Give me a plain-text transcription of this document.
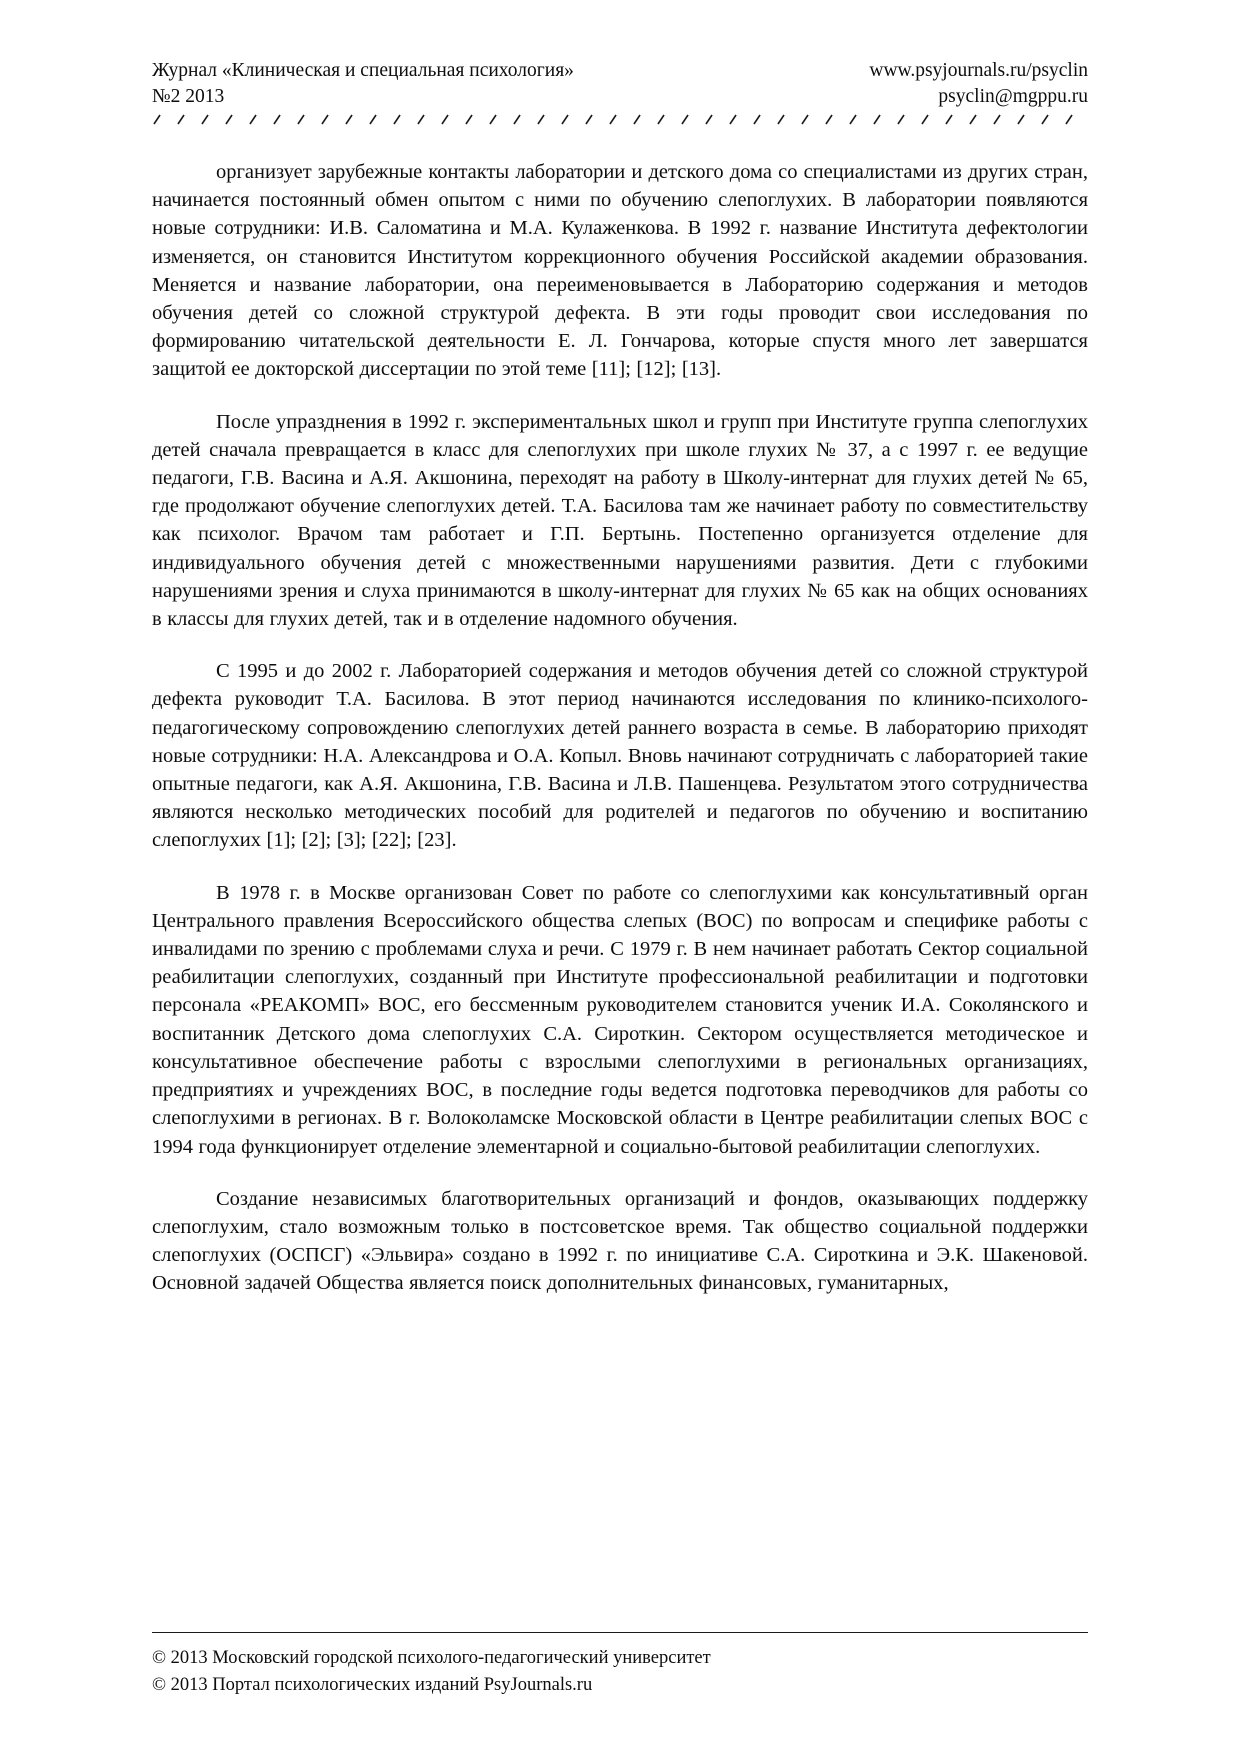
Журнал «Клиническая и специальная психология»
№2 2013
www.psyjournals.ru/psyclin
psyclin@mgppu.ru

организует зарубежные контакты лаборатории и детского дома со специалистами из других стран, начинается постоянный обмен опытом с ними по обучению слепоглухих. В лаборатории появляются новые сотрудники: И.В. Саломатина и М.А. Кулаженкова. В 1992 г. название Института дефектологии изменяется, он становится Институтом коррекционного обучения Российской академии образования. Меняется и название лаборатории, она переименовывается в Лабораторию содержания и методов обучения детей со сложной структурой дефекта. В эти годы проводит свои исследования по формированию читательской деятельности Е. Л. Гончарова, которые спустя много лет завершатся защитой ее докторской диссертации по этой теме [11]; [12]; [13].

После упразднения в 1992 г. экспериментальных школ и групп при Институте группа слепоглухих детей сначала превращается в класс для слепоглухих при школе глухих № 37, а с 1997 г. ее ведущие педагоги, Г.В. Васина и А.Я. Акшонина, переходят на работу в Школу-интернат для глухих детей № 65, где продолжают обучение слепоглухих детей. Т.А. Басилова там же начинает работу по совместительству как психолог. Врачом там работает и Г.П. Бертынь. Постепенно организуется отделение для индивидуального обучения детей с множественными нарушениями развития. Дети с глубокими нарушениями зрения и слуха принимаются в школу-интернат для глухих № 65 как на общих основаниях в классы для глухих детей, так и в отделение надомного обучения.

С 1995 и до 2002 г. Лабораторией содержания и методов обучения детей со сложной структурой дефекта руководит Т.А. Басилова. В этот период начинаются исследования по клинико-психолого-педагогическому сопровождению слепоглухих детей раннего возраста в семье. В лабораторию приходят новые сотрудники: Н.А. Александрова и О.А. Копыл. Вновь начинают сотрудничать с лабораторией такие опытные педагоги, как А.Я. Акшонина, Г.В. Васина и Л.В. Пашенцева. Результатом этого сотрудничества являются несколько методических пособий для родителей и педагогов по обучению и воспитанию слепоглухих [1]; [2]; [3]; [22]; [23].

В 1978 г. в Москве организован Совет по работе со слепоглухими как консультативный орган Центрального правления Всероссийского общества слепых (ВОС) по вопросам и специфике работы с инвалидами по зрению с проблемами слуха и речи. С 1979 г. В нем начинает работать Сектор социальной реабилитации слепоглухих, созданный при Институте профессиональной реабилитации и подготовки персонала «РЕАКОМП» ВОС, его бессменным руководителем становится ученик И.А. Соколянского и воспитанник Детского дома слепоглухих С.А. Сироткин. Сектором осуществляется методическое и консультативное обеспечение работы с взрослыми слепоглухими в региональных организациях, предприятиях и учреждениях ВОС, в последние годы ведется подготовка переводчиков для работы со слепоглухими в регионах. В г. Волоколамске Московской области в Центре реабилитации слепых ВОС с 1994 года функционирует отделение элементарной и социально-бытовой реабилитации слепоглухих.

Создание независимых благотворительных организаций и фондов, оказывающих поддержку слепоглухим, стало возможным только в постсоветское время. Так общество социальной поддержки слепоглухих (ОСПСГ) «Эльвира» создано в 1992 г. по инициативе С.А. Сироткина и Э.К. Шакеновой. Основной задачей Общества является поиск дополнительных финансовых, гуманитарных,

© 2013 Московский городской психолого-педагогический университет
© 2013 Портал психологических изданий PsyJournals.ru
